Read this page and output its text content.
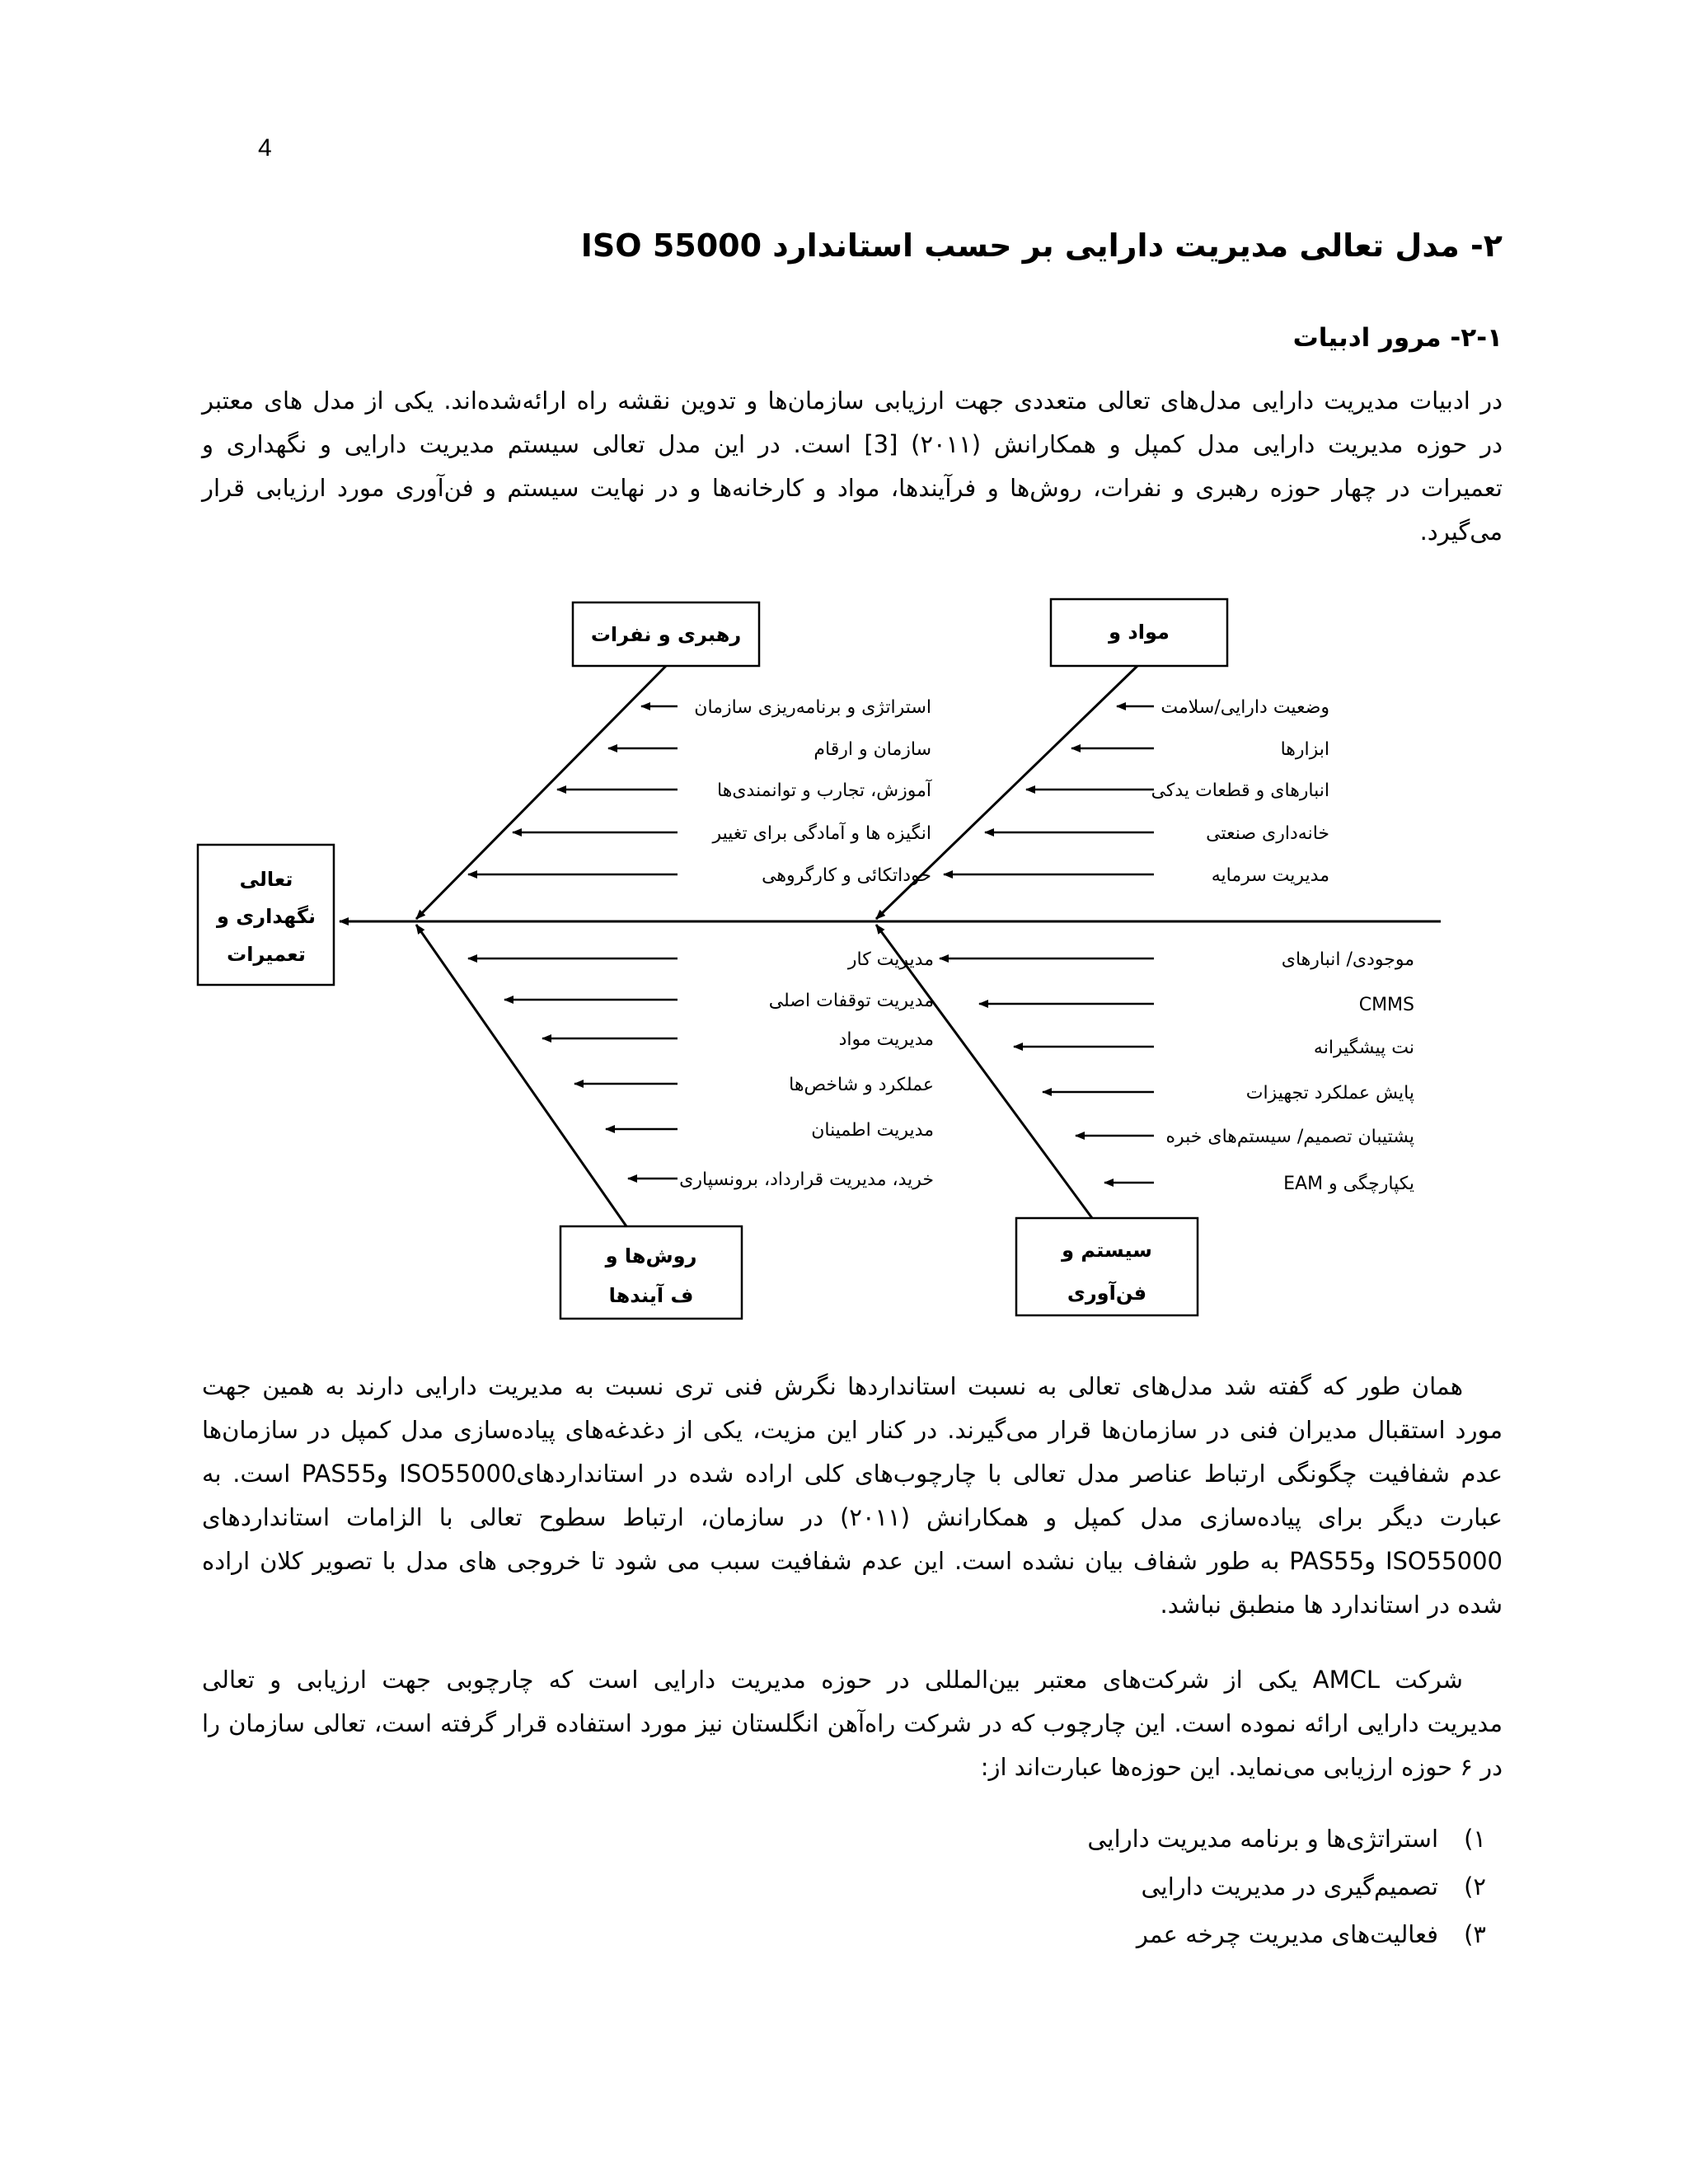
4
۲- مدل تعالی مدیریت دارایی بر حسب استاندارد ISO 55000
۲-۱- مرور ادبیات
در ادبیات مدیریت دارایی مدل‌های تعالی متعددی جهت ارزیابی سازمان‌ها و تدوین نقشه راه ارائه‌شده‌اند. یکی از مدل های معتبر
در حوزه مدیریت دارایی مدل کمپل و همکارانش (۲۰۱۱) [3] است. در این مدل تعالی سیستم مدیریت دارایی و نگهداری و
تعمیرات در چهار حوزه رهبری و نفرات، روش‌ها و فرآیندها، مواد و کارخانه‌ها و در نهایت سیستم و فن‌آوری مورد ارزیابی قرار
می‌گیرد.
تعالی
نگهداری و
تعمیرات
رهبری و نفرات	مواد و
روش‌ها و
ف آیندها
سیستم و
فن‌آوری
استراتژی و برنامه‌ریزی سازمان
سازمان و ارقام
آموزش، تجارب و توانمندی‌ها
انگیزه ها و آمادگی برای تغییر
خوداتکائی و کارگروهی
وضعیت دارایی/سلامت
ابزارها
انبارهای و قطعات یدکی
خانه‌داری صنعتی
مدیریت سرمایه
مدیریت کار
مدیریت توقفات اصلی
مدیریت مواد
عملکرد و شاخص‌ها
مدیریت اطمینان
خرید، مدیریت قرارداد، برونسپاری
موجودی/ انبارهای
CMMS
نت پیشگیرانه
پایش عملکرد تجهیزات
پشتیبان تصمیم/ سیستم‌های خبره
یکپارچگی و EAM
همان طور که گفته شد مدل‌های تعالی به نسبت استانداردها نگرش فنی تری نسبت به مدیریت دارایی دارند به همین جهت
مورد استقبال مدیران فنی در سازمان‌ها قرار می‌گیرند. در کنار این مزیت، یکی از دغدغه‌های پیاده‌سازی مدل کمپل در سازمان‌ها
عدم شفافیت چگونگی ارتباط عناصر مدل تعالی با چارچوب‌های کلی اراده شده در استانداردهایISO55000 وPAS55 است. به
عبارت دیگر برای پیاده‌سازی مدل کمپل و همکارانش (۲۰۱۱) در سازمان، ارتباط سطوح تعالی با الزامات استانداردهای
ISO55000 وPAS55 به طور شفاف بیان نشده است. این عدم شفافیت سبب می شود تا خروجی های مدل با تصویر کلان اراده
شده در استاندارد ها منطبق نباشد.
شرکت AMCL یکی از شرکت‌های معتبر بین‌المللی در حوزه مدیریت دارایی است که چارچوبی جهت ارزیابی و تعالی
مدیریت دارایی ارائه نموده است. این چارچوب که در شرکت راه‌آهن انگلستان نیز مورد استفاده قرار گرفته است، تعالی سازمان را
در ۶ حوزه ارزیابی می‌نماید. این حوزه‌ها عبارت‌اند از:
۱)استراتژی‌ها و برنامه مدیریت دارایی
۲)تصمیم‌گیری در مدیریت دارایی
۳)فعالیت‌های مدیریت چرخه عمر
